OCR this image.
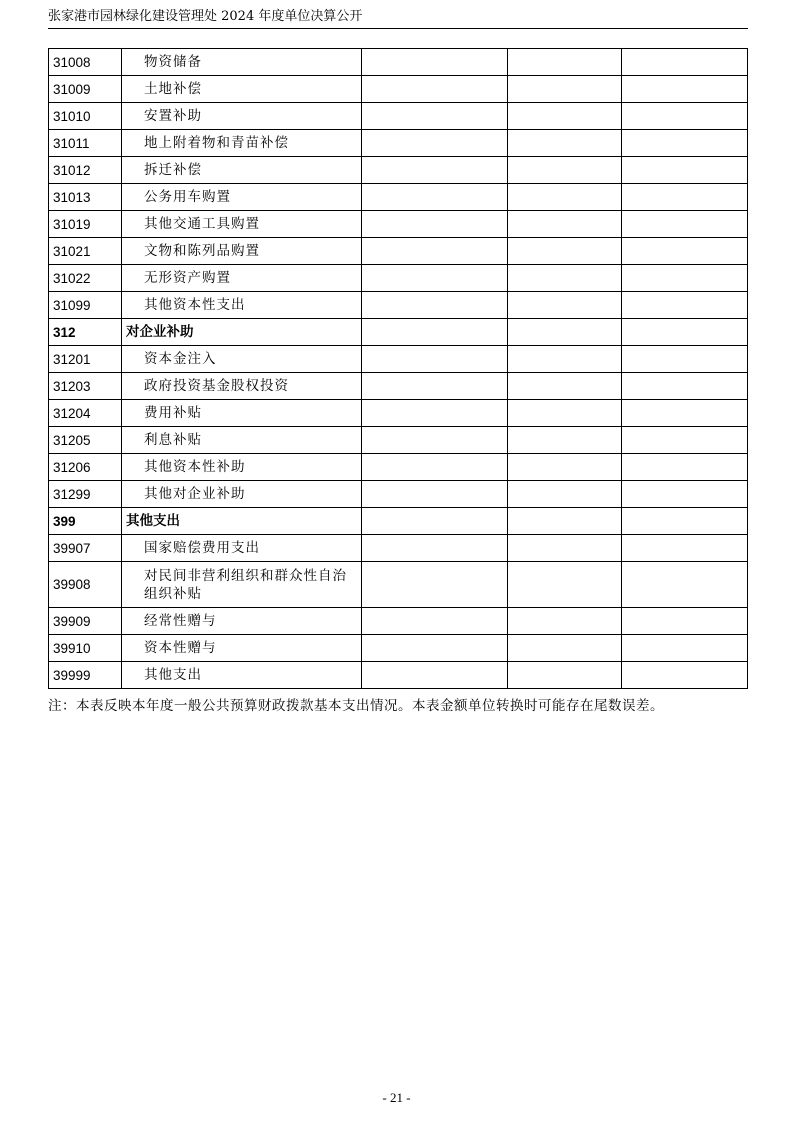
张家港市园林绿化建设管理处 2024 年度单位决算公开
31008	物资储备			
31009	土地补偿			
31010	安置补助			
31011	地上附着物和青苗补偿			
31012	拆迁补偿			
31013	公务用车购置			
31019	其他交通工具购置			
31021	文物和陈列品购置			
31022	无形资产购置			
31099	其他资本性支出			
312	对企业补助			
31201	资本金注入			
31203	政府投资基金股权投资			
31204	费用补贴			
31205	利息补贴			
31206	其他资本性补助			
31299	其他对企业补助			
399	其他支出			
39907	国家赔偿费用支出			
39908	对民间非营利组织和群众性自治组织补贴			
39909	经常性赠与			
39910	资本性赠与			
39999	其他支出			
注：本表反映本年度一般公共预算财政拨款基本支出情况。本表金额单位转换时可能存在尾数误差。
- 21 -
